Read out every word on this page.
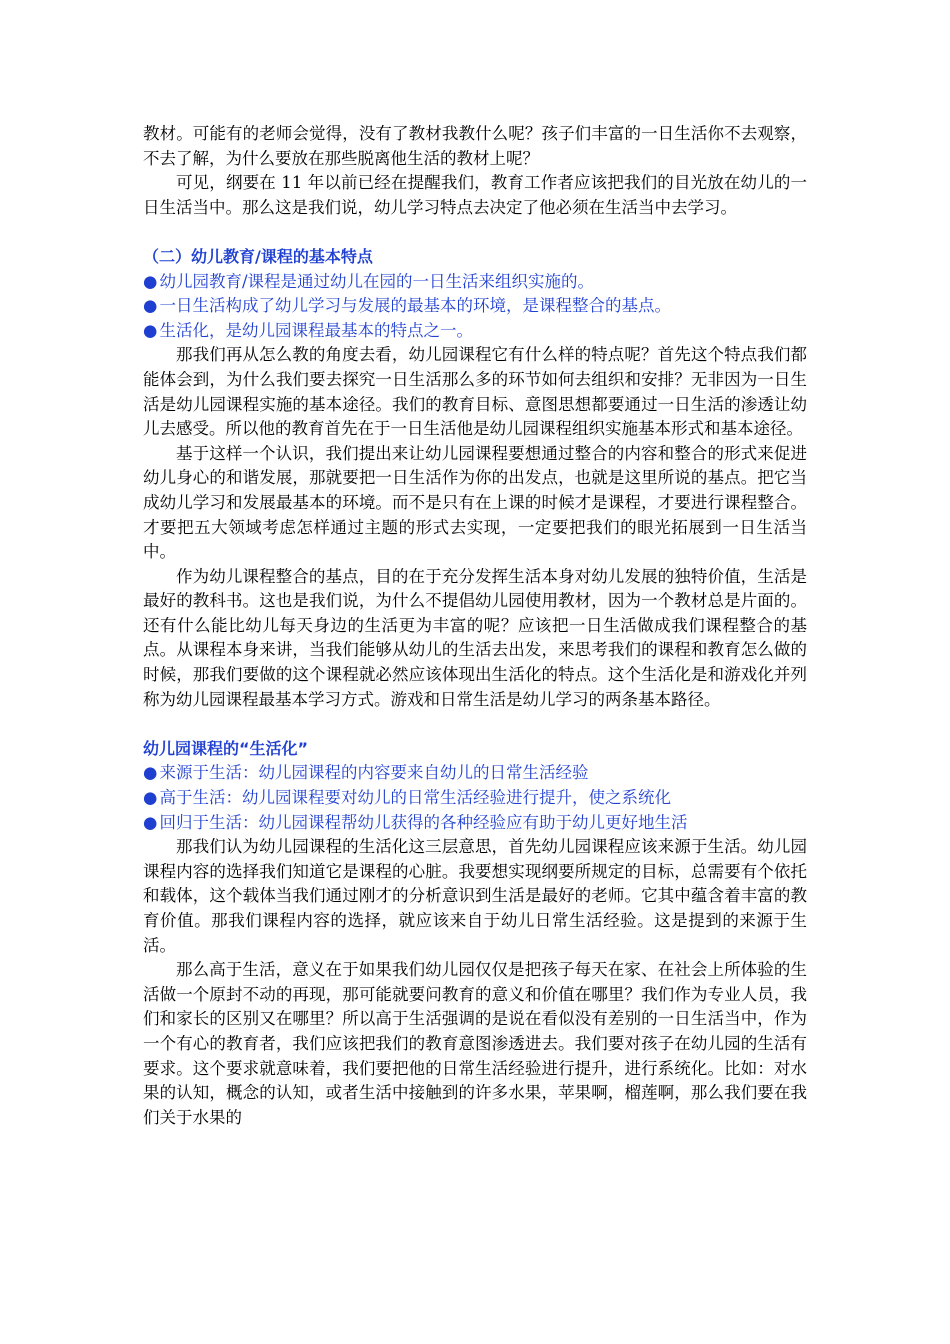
教材。可能有的老师会觉得，没有了教材我教什么呢？孩子们丰富的一日生活你不去观察，不去了解，为什么要放在那些脱离他生活的教材上呢？

可见，纲要在 11 年以前已经在提醒我们，教育工作者应该把我们的目光放在幼儿的一日生活当中。那么这是我们说，幼儿学习特点去决定了他必须在生活当中去学习。

（二）幼儿教育/课程的基本特点

● 幼儿园教育/课程是通过幼儿在园的一日生活来组织实施的。

● 一日生活构成了幼儿学习与发展的最基本的环境，是课程整合的基点。

● 生活化，是幼儿园课程最基本的特点之一。

那我们再从怎么教的角度去看，幼儿园课程它有什么样的特点呢？首先这个特点我们都能体会到，为什么我们要去探究一日生活那么多的环节如何去组织和安排？无非因为一日生活是幼儿园课程实施的基本途径。我们的教育目标、意图思想都要通过一日生活的渗透让幼儿去感受。所以他的教育首先在于一日生活他是幼儿园课程组织实施基本形式和基本途径。

基于这样一个认识，我们提出来让幼儿园课程要想通过整合的内容和整合的形式来促进幼儿身心的和谐发展，那就要把一日生活作为你的出发点，也就是这里所说的基点。把它当成幼儿学习和发展最基本的环境。而不是只有在上课的时候才是课程，才要进行课程整合。才要把五大领域考虑怎样通过主题的形式去实现，一定要把我们的眼光拓展到一日生活当中。

作为幼儿课程整合的基点，目的在于充分发挥生活本身对幼儿发展的独特价值，生活是最好的教科书。这也是我们说，为什么不提倡幼儿园使用教材，因为一个教材总是片面的。还有什么能比幼儿每天身边的生活更为丰富的呢？应该把一日生活做成我们课程整合的基点。从课程本身来讲，当我们能够从幼儿的生活去出发，来思考我们的课程和教育怎么做的时候，那我们要做的这个课程就必然应该体现出生活化的特点。这个生活化是和游戏化并列称为幼儿园课程最基本学习方式。游戏和日常生活是幼儿学习的两条基本路径。

幼儿园课程的“生活化”

● 来源于生活：幼儿园课程的内容要来自幼儿的日常生活经验

● 高于生活：幼儿园课程要对幼儿的日常生活经验进行提升，使之系统化

● 回归于生活：幼儿园课程帮幼儿获得的各种经验应有助于幼儿更好地生活

那我们认为幼儿园课程的生活化这三层意思，首先幼儿园课程应该来源于生活。幼儿园课程内容的选择我们知道它是课程的心脏。我要想实现纲要所规定的目标，总需要有个依托和载体，这个载体当我们通过刚才的分析意识到生活是最好的老师。它其中蕴含着丰富的教育价值。那我们课程内容的选择，就应该来自于幼儿日常生活经验。这是提到的来源于生活。

那么高于生活，意义在于如果我们幼儿园仅仅是把孩子每天在家、在社会上所体验的生活做一个原封不动的再现，那可能就要问教育的意义和价值在哪里？我们作为专业人员，我们和家长的区别又在哪里？所以高于生活强调的是说在看似没有差别的一日生活当中，作为一个有心的教育者，我们应该把我们的教育意图渗透进去。我们要对孩子在幼儿园的生活有要求。这个要求就意味着，我们要把他的日常生活经验进行提升，进行系统化。比如：对水果的认知，概念的认知，或者生活中接触到的许多水果，苹果啊，榴莲啊，那么我们要在我们关于水果的
